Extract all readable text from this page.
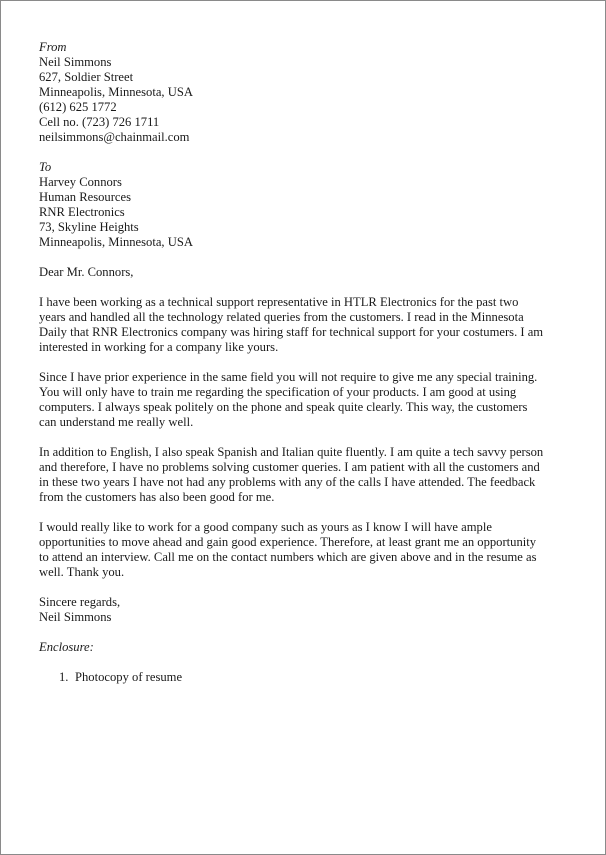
From
Neil Simmons
627, Soldier Street
Minneapolis, Minnesota, USA
(612) 625 1772
Cell no. (723) 726 1711
neilsimmons@chainmail.com
To
Harvey Connors
Human Resources
RNR Electronics
73, Skyline Heights
Minneapolis, Minnesota, USA
Dear Mr. Connors,
I have been working as a technical support representative in HTLR Electronics for the past two
years and handled all the technology related queries from the customers. I read in the Minnesota
Daily that RNR Electronics company was hiring staff for technical support for your costumers. I am
interested in working for a company like yours.
Since I have prior experience in the same field you will not require to give me any special training.
You will only have to train me regarding the specification of your products. I am good at using
computers. I always speak politely on the phone and speak quite clearly. This way, the customers
can understand me really well.
In addition to English, I also speak Spanish and Italian quite fluently. I am quite a tech savvy person
and therefore, I have no problems solving customer queries. I am patient with all the customers and
in these two years I have not had any problems with any of the calls I have attended. The feedback
from the customers has also been good for me.
I would really like to work for a good company such as yours as I know I will have ample
opportunities to move ahead and gain good experience. Therefore, at least grant me an opportunity
to attend an interview. Call me on the contact numbers which are given above and in the resume as
well. Thank you.
Sincere regards,
Neil Simmons
Enclosure:
1. Photocopy of resume
